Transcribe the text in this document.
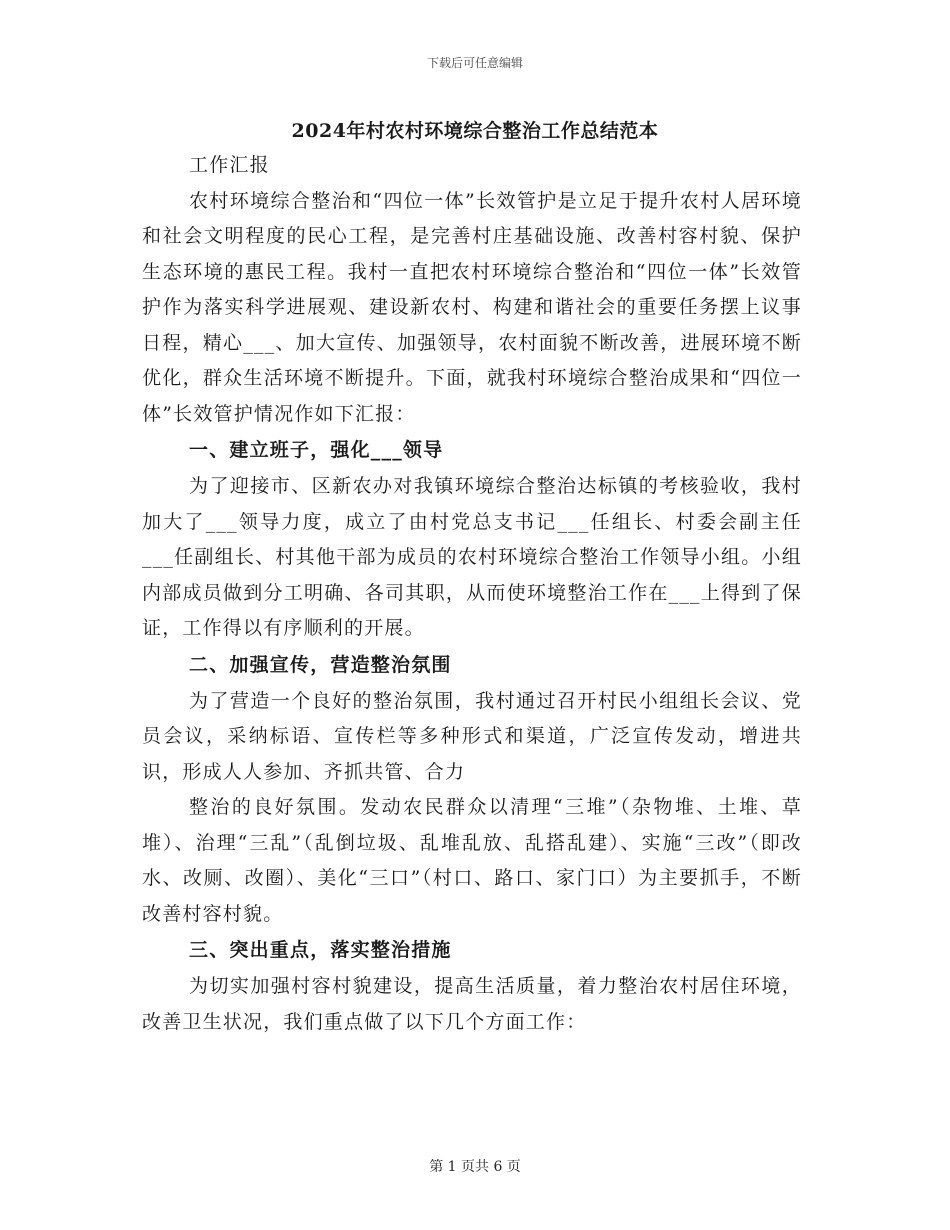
下载后可任意编辑
2024年村农村环境综合整治工作总结范本

工作汇报

农村环境综合整治和“四位一体”长效管护是立足于提升农村人居环境和社会文明程度的民心工程，是完善村庄基础设施、改善村容村貌、保护生态环境的惠民工程。我村一直把农村环境综合整治和“四位一体”长效管护作为落实科学进展观、建设新农村、构建和谐社会的重要任务摆上议事日程，精心___、加大宣传、加强领导，农村面貌不断改善，进展环境不断优化，群众生活环境不断提升。下面，就我村环境综合整治成果和“四位一体”长效管护情况作如下汇报：

一、建立班子，强化___领导

为了迎接市、区新农办对我镇环境综合整治达标镇的考核验收，我村加大了___领导力度，成立了由村党总支书记___任组长、村委会副主任___任副组长、村其他干部为成员的农村环境综合整治工作领导小组。小组内部成员做到分工明确、各司其职，从而使环境整治工作在___上得到了保证，工作得以有序顺利的开展。

二、加强宣传，营造整治氛围

为了营造一个良好的整治氛围，我村通过召开村民小组组长会议、党员会议，采纳标语、宣传栏等多种形式和渠道，广泛宣传发动，增进共识，形成人人参加、齐抓共管、合力

整治的良好氛围。发动农民群众以清理“三堆”（杂物堆、土堆、草堆）、治理“三乱”（乱倒垃圾、乱堆乱放、乱搭乱建）、实施“三改”（即改水、改厕、改圈）、美化“三口”（村口、路口、家门口）为主要抓手，不断改善村容村貌。

三、突出重点，落实整治措施

为切实加强村容村貌建设，提高生活质量，着力整治农村居住环境，改善卫生状况，我们重点做了以下几个方面工作：

第 1 页共 6 页
